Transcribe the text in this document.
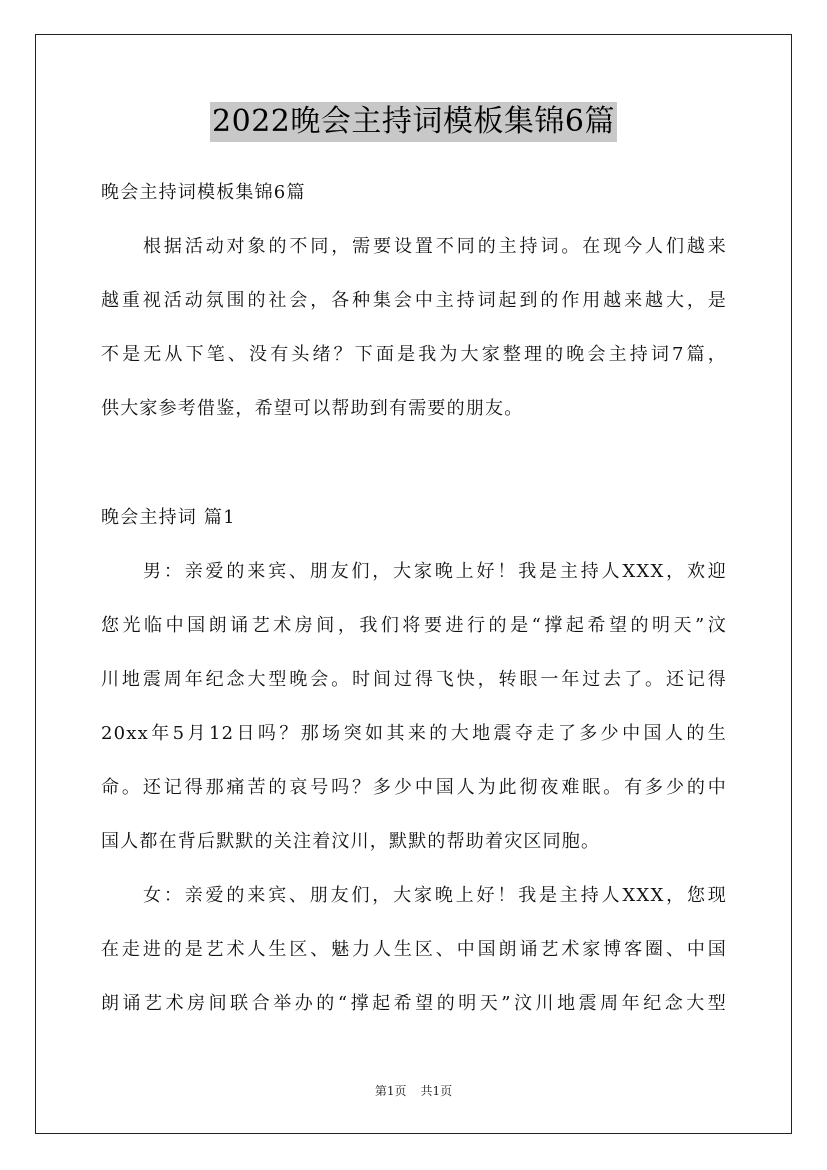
2022晚会主持词模板集锦6篇
晚会主持词模板集锦6篇
根据活动对象的不同，需要设置不同的主持词。在现今人们越来
越重视活动氛围的社会，各种集会中主持词起到的作用越来越大，是
不是无从下笔、没有头绪？下面是我为大家整理的晚会主持词7篇，
供大家参考借鉴，希望可以帮助到有需要的朋友。
晚会主持词 篇1
男：亲爱的来宾、朋友们，大家晚上好！我是主持人XXX，欢迎
您光临中国朗诵艺术房间，我们将要进行的是“撑起希望的明天”汶
川地震周年纪念大型晚会。时间过得飞快，转眼一年过去了。还记得
20xx年5月12日吗？那场突如其来的大地震夺走了多少中国人的生
命。还记得那痛苦的哀号吗？多少中国人为此彻夜难眠。有多少的中
国人都在背后默默的关注着汶川，默默的帮助着灾区同胞。
女：亲爱的来宾、朋友们，大家晚上好！我是主持人XXX，您现
在走进的是艺术人生区、魅力人生区、中国朗诵艺术家博客圈、中国
朗诵艺术房间联合举办的“撑起希望的明天”汶川地震周年纪念大型
第1页 共1页
